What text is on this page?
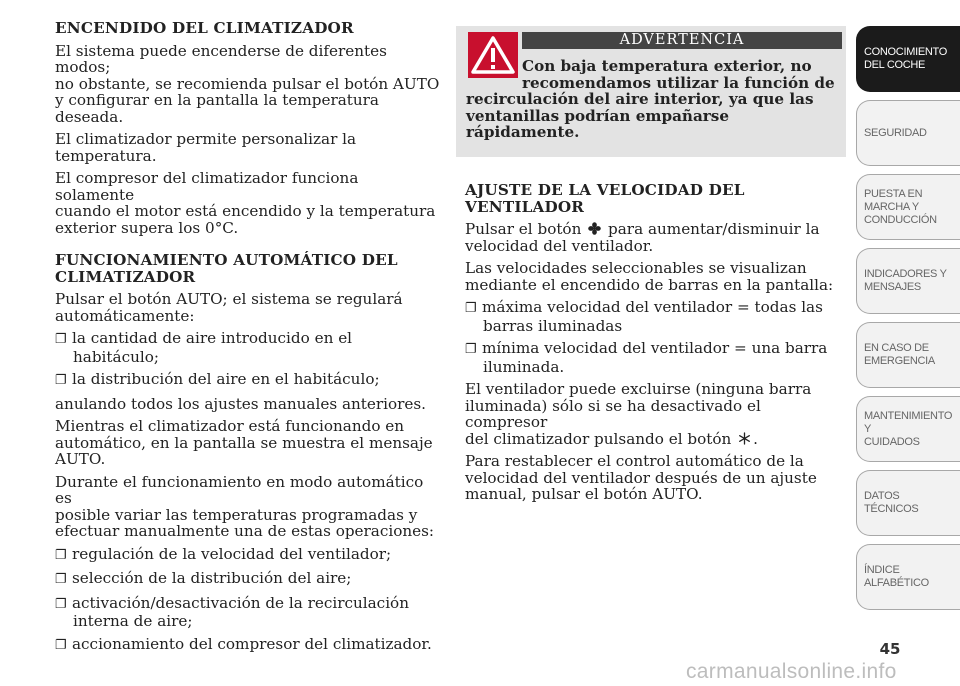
ENCENDIDO DEL CLIMATIZADOR

El sistema puede encenderse de diferentes modos;
no obstante, se recomienda pulsar el botón AUTO
y configurar en la pantalla la temperatura
deseada.

El climatizador permite personalizar la
temperatura.

El compresor del climatizador funciona solamente
cuando el motor está encendido y la temperatura
exterior supera los 0°C.

FUNCIONAMIENTO AUTOMÁTICO DEL
CLIMATIZADOR

Pulsar el botón AUTO; el sistema se regulará
automáticamente:

❐ la cantidad de aire introducido en el habitáculo;

❐ la distribución del aire en el habitáculo;

anulando todos los ajustes manuales anteriores.

Mientras el climatizador está funcionando en
automático, en la pantalla se muestra el mensaje
AUTO.

Durante el funcionamiento en modo automático es
posible variar las temperaturas programadas y
efectuar manualmente una de estas operaciones:

❐ regulación de la velocidad del ventilador;

❐ selección de la distribución del aire;

❐ activación/desactivación de la recirculación
interna de aire;

❐ accionamiento del compresor del climatizador.

ADVERTENCIA
Con baja temperatura exterior, no
recomendamos utilizar la función de
recirculación del aire interior, ya que las
ventanillas podrían empañarse
rápidamente.
AJUSTE DE LA VELOCIDAD DEL
VENTILADOR

Pulsar el botón para aumentar/disminuir la
velocidad del ventilador.

Las velocidades seleccionables se visualizan
mediante el encendido de barras en la pantalla:

❐ máxima velocidad del ventilador = todas las
barras iluminadas

❐ mínima velocidad del ventilador = una barra
iluminada.

El ventilador puede excluirse (ninguna barra
iluminada) sólo si se ha desactivado el compresor
del climatizador pulsando el botón .

Para restablecer el control automático de la
velocidad del ventilador después de un ajuste
manual, pulsar el botón AUTO.

CONOCIMIENTO
DEL COCHE
SEGURIDAD
PUESTA EN
MARCHA Y
CONDUCCIÓN
INDICADORES Y
MENSAJES
EN CASO DE
EMERGENCIA
MANTENIMIENTO Y
CUIDADOS
DATOS TÉCNICOS
ÍNDICE
ALFABÉTICO
45
carmanualsonline.info
